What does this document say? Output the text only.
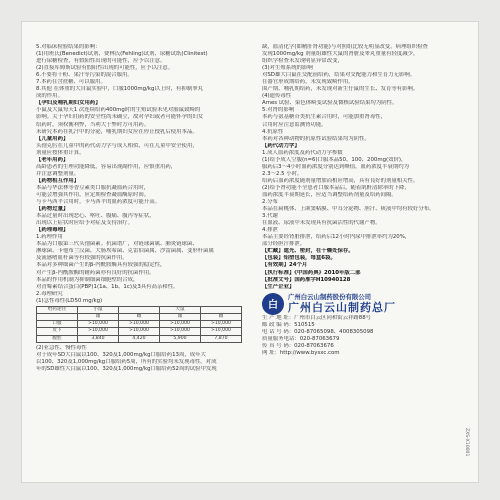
5.对临床检验结果的影响：
(1)用班氏(Benedict)试剂、费林氏(Fehling)试剂、尿糖试纸(Clinitest)
进行尿糖检查，有假阳性出现的可能性，应予以注意。
(2)直接库姆斯试验有假阳性出现的可能性，应予以注意。
6.不要将干粉、果汁等污染的混合服用。
7.本药在含蔗糖、可以服用。
8.其他 在体重的大自鼠实验中，口服1000mg/kg以上时，有抑制睾丸
成的作用。
【孕妇及哺乳期妇女用药】
小鼠及大鼠每天1 次连续给药400mg时的生殖试验未见对胎鼠致畸的
影响。关于孕妇用药的安全性尚未确立，故对孕妇或者可能怀孕的妇女
给药时，须权衡利弊，当利大于弊时方可用药。
未研究本药在乳汁中的分泌，哺乳期妇女应在停止授乳后使用本品。
【儿童用药】
头孢克肟在儿童中的药代动力学与成人相似，可在儿童中安全使用，
剂量应按体重计算。
【老年用药】
高龄患者的生理功能降低，容易出现副作用，应慎重用药，
并注意调整剂量。
【药物相互作用】
本品与华法林等香豆素类口服抗凝血药合用时，
可能会增强其作用，应定期检查凝血酶原时间。
与卡马西平合用时，卡马西平的血药浓度可能升高。
【药物过量】
本品过量时出现恶心、呕吐、腹痛、腹泻等症状，
出现以上症状时应给予对症及支持治疗。
【药理毒理】
1.药理作用
本品为口服第三代头孢菌素。抗菌谱广，对链球菌属、肺炎链球菌、
淋球菌、卡他布兰汉菌、大肠埃希菌、克雷伯菌属、沙雷菌属、变形杆菌属
及流感嗜血杆菌等有较强的抗菌作用。
本品对多种细菌产生的β-内酰胺酶具有较强的稳定性，
对产生β-内酰胺酶的耐药菌亦有良好的抗菌作用。
本品的作用机制为抑制细菌细胞壁的合成，
对青霉素结合蛋白(PBP)1(1a、1b、1c)及3具有高亲和性。
2.毒理研究
(1)急性毒性(LD50 mg/kg)
给药途径	小鼠		大鼠	
	雄	雌	雄	雌
口服	>10,000	>10,000	>10,000	>10,000
皮下	>10,000	>10,000	>10,000	>10,000
腹腔	3,840	4,420	5,900	7,870
(2)亚急性、慢性毒性
对于成年SD大白鼠以100、320及1,000mg/kg口服给药13周，成年大
以100、320及1,000mg/kg口服给药5周，所有的实验均未发现毒性。对成
年的SD雄性大白鼠以100、320及1,000mg/kg口服给药52周的试验中发现
缺，血清化学(如精肝肾功能)与对照组比较无明显改变。病理组织检查
发现1000mg/kg 剂量组雄性大鼠的肾脏及睾丸重量有轻度减少，
组织学检查未发现明显异常改变，
(3)对生殖系统的影响
对SD雄大白鼠在交配前给药，结果对交配能力和生育力无影响。
在器官形成期给药，未发现致畸作用。
围产期、哺乳期给药，未发现对新生仔鼠的生长、发育等有影响。
(4)遗传毒性
Ames 试验、染色体畸变试验及微核试验结果均为阴性。
5.对肾的影响
本药与氨基糖苷类抗生素合用时，可能加重肾毒性，
合用时应注意监测肾功能。
4.抗原性
本药对各种动物的抗原性试验结果均为阴性。
【药代动力学】
1.成人血药浓度及药代动力学参数
(1)给予成人空腹(n=6)口服本品50、100、200mg(效价)，
服药后3～4小时血药浓度分别达到峰值，血药浓度半衰期约为
2.3～2.5 小时，
给药后血药浓度随剂量增加而相应增高，具有良好的剂量相关性。
(2)给予肾功能不全患者口服本品后，随着肌酐清除率的下降，
血药浓度半衰期延长，应适当调整给药剂量及给药间隔。
2.分布
本品在扁桃体、上颌窦粘膜、中耳分泌物、胆汁、痰液中均有较好分布。
3.代谢
在血液、尿液中未发现具有抗菌活性的代谢产物。
4.排泄
本品主要经肾脏排泄，给药后12小时内尿中排泄率约为20%，
部分经胆汁排泄。
【贮藏】遮光、密封，在干燥处保存。
【包装】铝塑包装，每盒6袋。
【有效期】24个月
【执行标准】《中国药典》2010年版二部
【批准文号】国药准字H10940128
【生产企业】
白
广州白云山制药股份有限公司
广州白云山制药总厂
生 产 地 址：广州市白云区同和街云祥路88号
邮 政 编 码：510515
电 话 号 码：020-87065098、4008305098
质量服务电话：020-87063679
传 真 号 码：020-87063676
网 址：http://www.bysxc.com
ZXS-X10001
